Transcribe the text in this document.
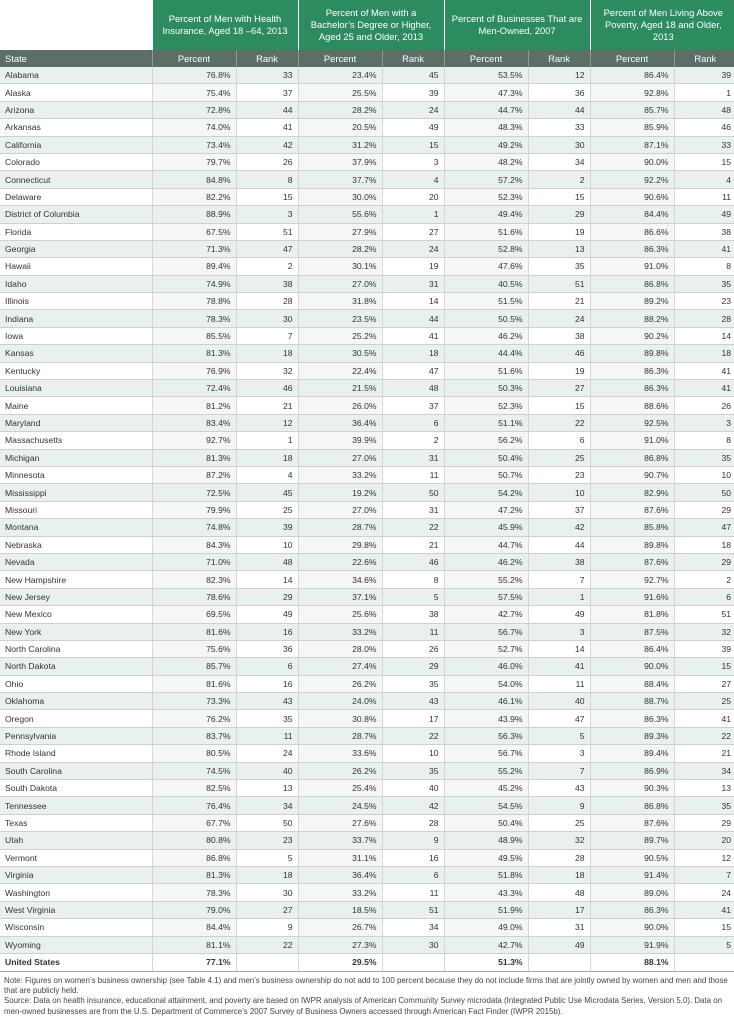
	Percent of Men with Health Insurance, Aged 18 –64, 2013		Percent of Men with a Bachelor’s Degree or Higher, Aged 25 and Older, 2013		Percent of Businesses That are Men-Owned, 2007		Percent of Men Living Above Poverty, Aged 18 and Older, 2013	
State	Percent	Rank	Percent	Rank	Percent	Rank	Percent	Rank
Alabama	76.8%	33	23.4%	45	53.5%	12	86.4%	39
Alaska	75.4%	37	25.5%	39	47.3%	36	92.8%	1
Arizona	72.8%	44	28.2%	24	44.7%	44	85.7%	48
Arkansas	74.0%	41	20.5%	49	48.3%	33	85.9%	46
California	73.4%	42	31.2%	15	49.2%	30	87.1%	33
Colorado	79.7%	26	37.9%	3	48.2%	34	90.0%	15
Connecticut	84.8%	8	37.7%	4	57.2%	2	92.2%	4
Delaware	82.2%	15	30.0%	20	52.3%	15	90.6%	11
District of Columbia	88.9%	3	55.6%	1	49.4%	29	84.4%	49
Florida	67.5%	51	27.9%	27	51.6%	19	86.6%	38
Georgia	71.3%	47	28.2%	24	52.8%	13	86.3%	41
Hawaii	89.4%	2	30.1%	19	47.6%	35	91.0%	8
Idaho	74.9%	38	27.0%	31	40.5%	51	86.8%	35
Illinois	78.8%	28	31.8%	14	51.5%	21	89.2%	23
Indiana	78.3%	30	23.5%	44	50.5%	24	88.2%	28
Iowa	85.5%	7	25.2%	41	46.2%	38	90.2%	14
Kansas	81.3%	18	30.5%	18	44.4%	46	89.8%	18
Kentucky	76.9%	32	22.4%	47	51.6%	19	86.3%	41
Louisiana	72.4%	46	21.5%	48	50.3%	27	86.3%	41
Maine	81.2%	21	26.0%	37	52.3%	15	88.6%	26
Maryland	83.4%	12	36.4%	6	51.1%	22	92.5%	3
Massachusetts	92.7%	1	39.9%	2	56.2%	6	91.0%	8
Michigan	81.3%	18	27.0%	31	50.4%	25	86.8%	35
Minnesota	87.2%	4	33.2%	11	50.7%	23	90.7%	10
Mississippi	72.5%	45	19.2%	50	54.2%	10	82.9%	50
Missouri	79.9%	25	27.0%	31	47.2%	37	87.6%	29
Montana	74.8%	39	28.7%	22	45.9%	42	85.8%	47
Nebraska	84.3%	10	29.8%	21	44.7%	44	89.8%	18
Nevada	71.0%	48	22.6%	46	46.2%	38	87.6%	29
New Hampshire	82.3%	14	34.6%	8	55.2%	7	92.7%	2
New Jersey	78.6%	29	37.1%	5	57.5%	1	91.6%	6
New Mexico	69.5%	49	25.6%	38	42.7%	49	81.8%	51
New York	81.6%	16	33.2%	11	56.7%	3	87.5%	32
North Carolina	75.6%	36	28.0%	26	52.7%	14	86.4%	39
North Dakota	85.7%	6	27.4%	29	46.0%	41	90.0%	15
Ohio	81.6%	16	26.2%	35	54.0%	11	88.4%	27
Oklahoma	73.3%	43	24.0%	43	46.1%	40	88.7%	25
Oregon	76.2%	35	30.8%	17	43.9%	47	86.3%	41
Pennsylvania	83.7%	11	28.7%	22	56.3%	5	89.3%	22
Rhode Island	80.5%	24	33.6%	10	56.7%	3	89.4%	21
South Carolina	74.5%	40	26.2%	35	55.2%	7	86.9%	34
South Dakota	82.5%	13	25.4%	40	45.2%	43	90.3%	13
Tennessee	76.4%	34	24.5%	42	54.5%	9	86.8%	35
Texas	67.7%	50	27.6%	28	50.4%	25	87.6%	29
Utah	80.8%	23	33.7%	9	48.9%	32	89.7%	20
Vermont	86.8%	5	31.1%	16	49.5%	28	90.5%	12
Virginia	81.3%	18	36.4%	6	51.8%	18	91.4%	7
Washington	78.3%	30	33.2%	11	43.3%	48	89.0%	24
West Virginia	79.0%	27	18.5%	51	51.9%	17	86.3%	41
Wisconsin	84.4%	9	26.7%	34	49.0%	31	90.0%	15
Wyoming	81.1%	22	27.3%	30	42.7%	49	91.9%	5
United States	77.1%		29.5%		51.3%		88.1%	
Note: Figures on women’s business ownership (see Table 4.1) and men’s business ownership do not add to 100 percent because they do not include firms that are jointly owned by women and men and those that are publicly held.
Source: Data on health insurance, educational attainment, and poverty are based on IWPR analysis of American Community Survey microdata (Integrated Public Use Microdata Series, Version 5.0). Data on men-owned businesses are from the U.S. Department of Commerce’s 2007 Survey of Business Owners accessed through American Fact Finder (IWPR 2015b).
